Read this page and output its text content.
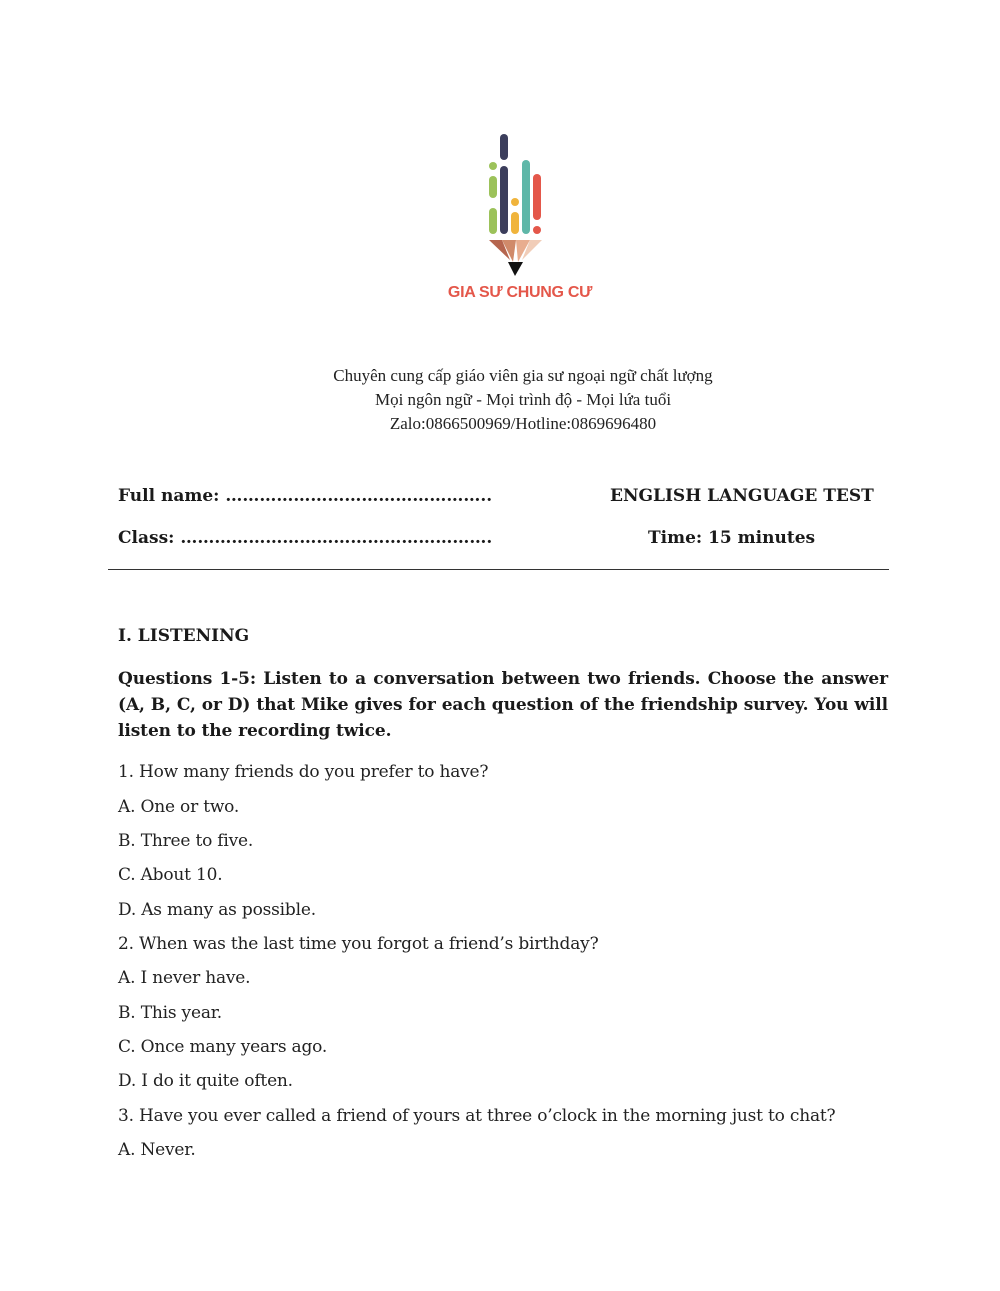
GIA SƯ CHUNG CƯ
Chuyên cung cấp giáo viên gia sư ngoại ngữ chất lượng
Mọi ngôn ngữ - Mọi trình độ - Mọi lứa tuổi
Zalo:0866500969/Hotline:0869696480
Full name: ………………………………………..
Class: ……………………………………………….
ENGLISH LANGUAGE TEST
Time: 15 minutes
I. LISTENING
Questions 1-5: Listen to a conversation between two friends. Choose the answer (A, B, C, or D) that Mike gives for each question of the friendship survey. You will listen to the recording twice.
1. How many friends do you prefer to have?
A. One or two.
B. Three to five.
C. About 10.
D. As many as possible.
2. When was the last time you forgot a friend’s birthday?
A. I never have.
B. This year.
C. Once many years ago.
D. I do it quite often.
3. Have you ever called a friend of yours at three o’clock in the morning just to chat?
A. Never.
